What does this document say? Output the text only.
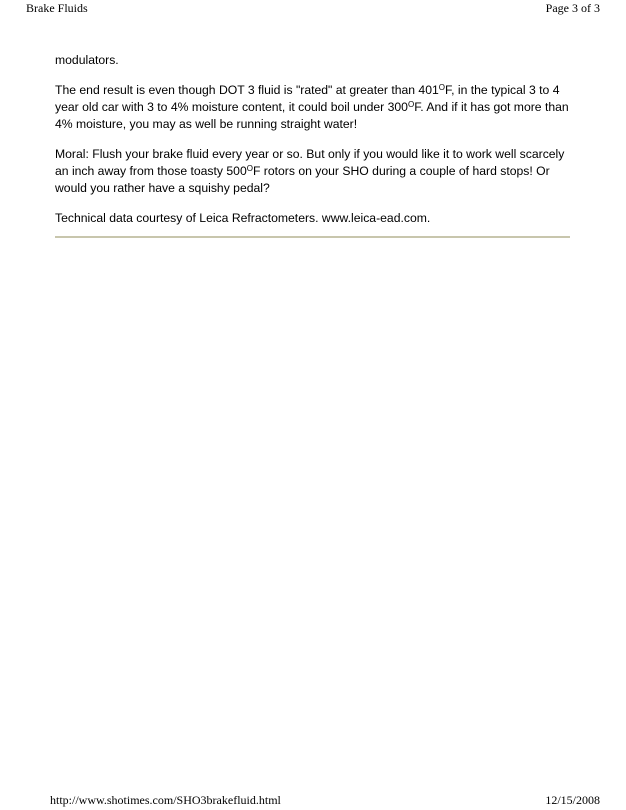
Brake Fluids	Page 3 of 3

modulators.

The end result is even though DOT 3 fluid is "rated" at greater than $401^OF$, in the typical 3 to 4 year old car with 3 to 4% moisture content, it could boil under $300^OF$. And if it has got more than 4% moisture, you may as well be running straight water!

Moral: Flush your brake fluid every year or so. But only if you would like it to work well scarcely an inch away from those toasty $500^OF$ rotors on your SHO during a couple of hard stops! Or would you rather have a squishy pedal?

Technical data courtesy of Leica Refractometers. www.leica-ead.com.

http://www.shotimes.com/SHO3brakefluid.html	12/15/2008
